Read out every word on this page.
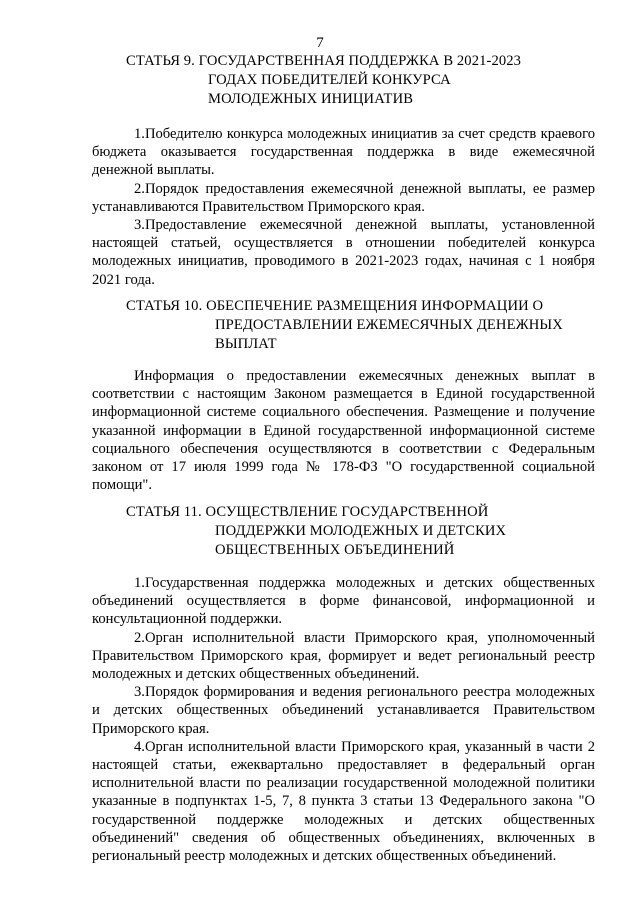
7
СТАТЬЯ 9. ГОСУДАРСТВЕННАЯ ПОДДЕРЖКА В 2021-2023
ГОДАХ ПОБЕДИТЕЛЕЙ КОНКУРСА
МОЛОДЕЖНЫХ ИНИЦИАТИВ

1.Победителю конкурса молодежных инициатив за счет средств краевого бюджета оказывается государственная поддержка в виде ежемесячной денежной выплаты.

2.Порядок предоставления ежемесячной денежной выплаты, ее размер устанавливаются Правительством Приморского края.

3.Предоставление ежемесячной денежной выплаты, установленной настоящей статьей, осуществляется в отношении победителей конкурса молодежных инициатив, проводимого в 2021-2023 годах, начиная с 1 ноября 2021 года.

СТАТЬЯ 10. ОБЕСПЕЧЕНИЕ РАЗМЕЩЕНИЯ ИНФОРМАЦИИ О
ПРЕДОСТАВЛЕНИИ ЕЖЕМЕСЯЧНЫХ ДЕНЕЖНЫХ
ВЫПЛАТ

Информация о предоставлении ежемесячных денежных выплат в соответствии с настоящим Законом размещается в Единой государственной информационной системе социального обеспечения. Размещение и получение указанной информации в Единой государственной информационной системе социального обеспечения осуществляются в соответствии с Федеральным законом от 17 июля 1999 года № 178-ФЗ "О государственной социальной помощи".

СТАТЬЯ 11. ОСУЩЕСТВЛЕНИЕ ГОСУДАРСТВЕННОЙ
ПОДДЕРЖКИ МОЛОДЕЖНЫХ И ДЕТСКИХ
ОБЩЕСТВЕННЫХ ОБЪЕДИНЕНИЙ

1.Государственная поддержка молодежных и детских общественных объединений осуществляется в форме финансовой, информационной и консультационной поддержки.

2.Орган исполнительной власти Приморского края, уполномоченный Правительством Приморского края, формирует и ведет региональный реестр молодежных и детских общественных объединений.

3.Порядок формирования и ведения регионального реестра молодежных и детских общественных объединений устанавливается Правительством Приморского края.

4.Орган исполнительной власти Приморского края, указанный в части 2 настоящей статьи, ежеквартально предоставляет в федеральный орган исполнительной власти по реализации государственной молодежной политики указанные в подпунктах 1-5, 7, 8 пункта 3 статьи 13 Федерального закона "О государственной поддержке молодежных и детских общественных объединений" сведения об общественных объединениях, включенных в региональный реестр молодежных и детских общественных объединений.
